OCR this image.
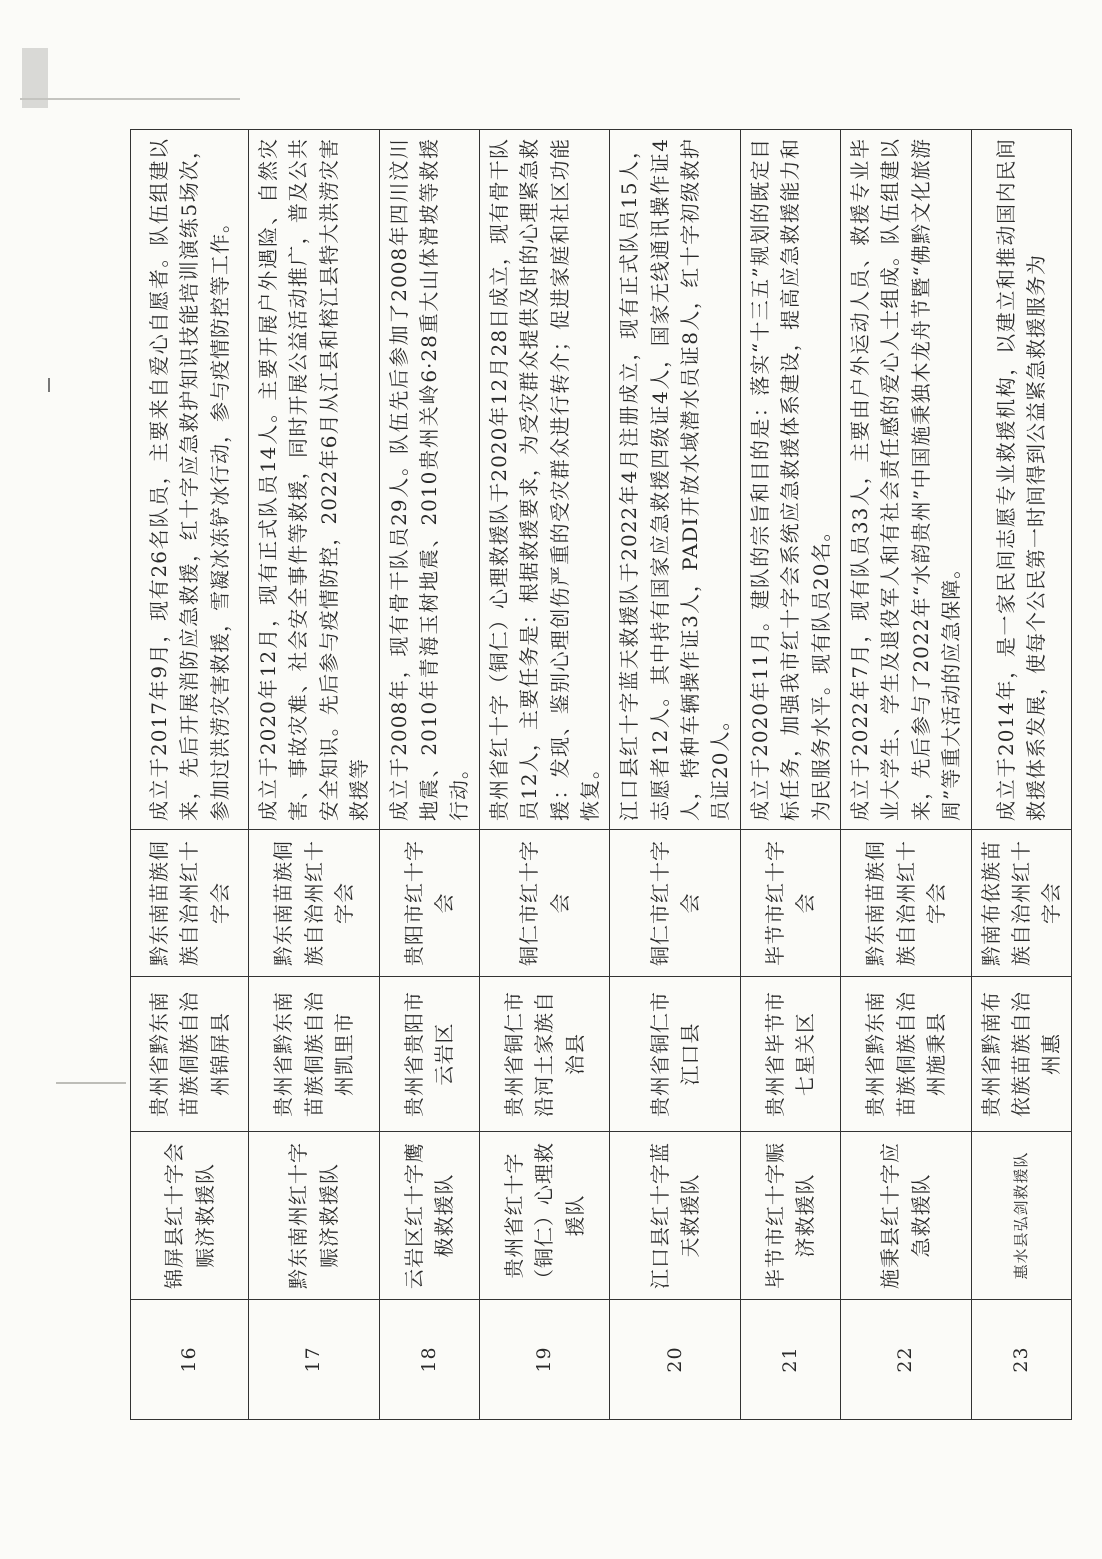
16	锦屏县红十字会赈济救援队	贵州省黔东南苗族侗族自治州锦屏县	黔东南苗族侗族自治州红十字会	成立于2017年9月，现有26名队员，主要来自爱心自愿者。队伍组建以来，先后开展消防应急救援，红十字应急救护知识技能培训演练5场次，参加过洪涝灾害救援，雪凝冰冻铲冰行动，参与疫情防控等工作。
17	黔东南州红十字赈济救援队	贵州省黔东南苗族侗族自治州凯里市	黔东南苗族侗族自治州红十字会	成立于2020年12月，现有正式队员14人。主要开展户外遇险、自然灾害、事故灾难、社会安全事件等救援，同时开展公益活动推广，普及公共安全知识。先后参与疫情防控，2022年6月从江县和榕江县特大洪涝灾害救援等
18	云岩区红十字鹰极救援队	贵州省贵阳市云岩区	贵阳市红十字会	成立于2008年，现有骨干队员29人。队伍先后参加了2008年四川汶川地震、2010年青海玉树地震、2010贵州关岭6·28重大山体滑坡等救援行动。
19	贵州省红十字（铜仁）心理救援队	贵州省铜仁市沿河土家族自治县	铜仁市红十字会	贵州省红十字（铜仁）心理救援队于2020年12月28日成立，现有骨干队员12人，主要任务是：根据救援要求，为受灾群众提供及时的心理紧急救援：发现、鉴别心理创伤严重的受灾群众进行转介；促进家庭和社区功能恢复。
20	江口县红十字蓝天救援队	贵州省铜仁市江口县	铜仁市红十字会	江口县红十字蓝天救援队于2022年4月注册成立，现有正式队员15人，志愿者12人。其中持有国家应急救援四级证4人，国家无线通讯操作证4人，特种车辆操作证3人，PADI开放水域潜水员证8人，红十字初级救护员证20人。
21	毕节市红十字赈济救援队	贵州省毕节市七星关区	毕节市红十字会	成立于2020年11月。建队的宗旨和目的是：落实“十三五”规划的既定目标任务，加强我市红十字会系统应急救援体系建设，提高应急救援能力和为民服务水平。现有队员20名。
22	施秉县红十字应急救援队	贵州省黔东南苗族侗族自治州施秉县	黔东南苗族侗族自治州红十字会	成立于2022年7月，现有队员33人，主要由户外运动人员、救援专业毕业大学生、学生及退役军人和有社会责任感的爱心人士组成。队伍组建以来，先后参与了2022年“水韵贵州”中国施秉独木龙舟节暨“佛黔文化旅游周”等重大活动的应急保障。
23	惠水县弘剑救援队	贵州省黔南布依族苗族自治州惠	黔南布依族苗族自治州红十字会	成立于2014年，是一家民间志愿专业救援机构，以建立和推动国内民间救援体系发展，使每个公民第一时间得到公益紧急救援服务为
